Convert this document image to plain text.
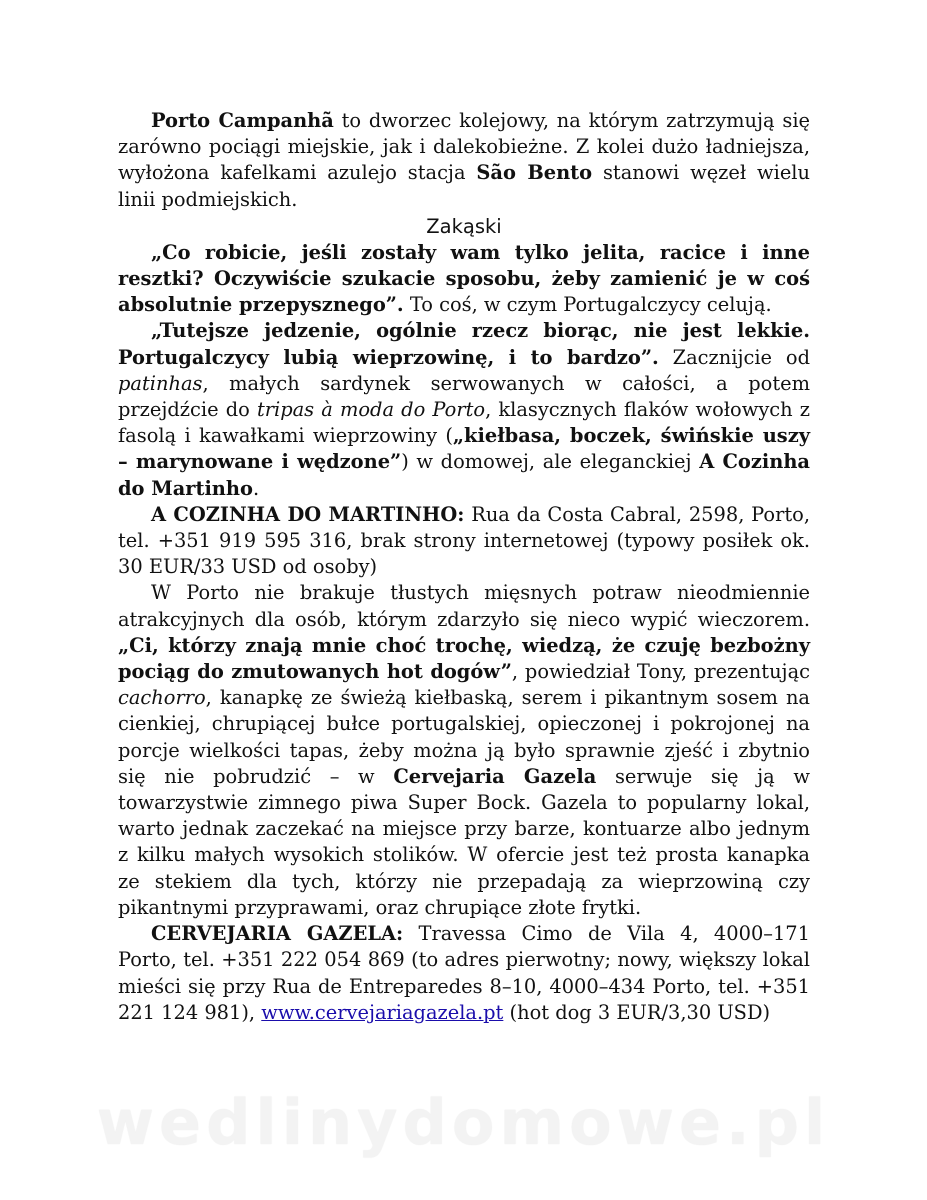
Porto Campanhã to dworzec kolejowy, na którym zatrzymują się zarówno pociągi miejskie, jak i dalekobieżne. Z kolei dużo ładniejsza, wyłożona kafelkami azulejo stacja São Bento stanowi węzeł wielu linii podmiejskich.

Zakąski

„Co robicie, jeśli zostały wam tylko jelita, racice i inne resztki? Oczywiście szukacie sposobu, żeby zamienić je w coś absolutnie przepysznego”. To coś, w czym Portugalczycy celują.

„Tutejsze jedzenie, ogólnie rzecz biorąc, nie jest lekkie. Portugalczycy lubią wieprzowinę, i to bardzo”. Zacznijcie od patinhas, małych sardynek serwowanych w całości, a potem przejdźcie do tripas à moda do Porto, klasycznych flaków wołowych z fasolą i kawałkami wieprzowiny („kiełbasa, boczek, świńskie uszy – marynowane i wędzone”) w domowej, ale eleganckiej A Cozinha do Martinho.

A COZINHA DO MARTINHO: Rua da Costa Cabral, 2598, Porto, tel. +351 919 595 316, brak strony internetowej (typowy posiłek ok. 30 EUR/33 USD od osoby)

W Porto nie brakuje tłustych mięsnych potraw nieodmiennie atrakcyjnych dla osób, którym zdarzyło się nieco wypić wieczorem. „Ci, którzy znają mnie choć trochę, wiedzą, że czuję bezbożny pociąg do zmutowanych hot dogów”, powiedział Tony, prezentując cachorro, kanapkę ze świeżą kiełbaską, serem i pikantnym sosem na cienkiej, chrupiącej bułce portugalskiej, opieczonej i pokrojonej na porcje wielkości tapas, żeby można ją było sprawnie zjeść i zbytnio się nie pobrudzić – w Cervejaria Gazela serwuje się ją w towarzystwie zimnego piwa Super Bock. Gazela to popularny lokal, warto jednak zaczekać na miejsce przy barze, kontuarze albo jednym z kilku małych wysokich stolików. W ofercie jest też prosta kanapka ze stekiem dla tych, którzy nie przepadają za wieprzowiną czy pikantnymi przyprawami, oraz chrupiące złote frytki.

CERVEJARIA GAZELA: Travessa Cimo de Vila 4, 4000–171 Porto, tel. +351 222 054 869 (to adres pierwotny; nowy, większy lokal mieści się przy Rua de Entreparedes 8–10, 4000–434 Porto, tel. +351 221 124 981), www.cervejariagazela.pt (hot dog 3 EUR/3,30 USD)

wedlinydomowe.pl
